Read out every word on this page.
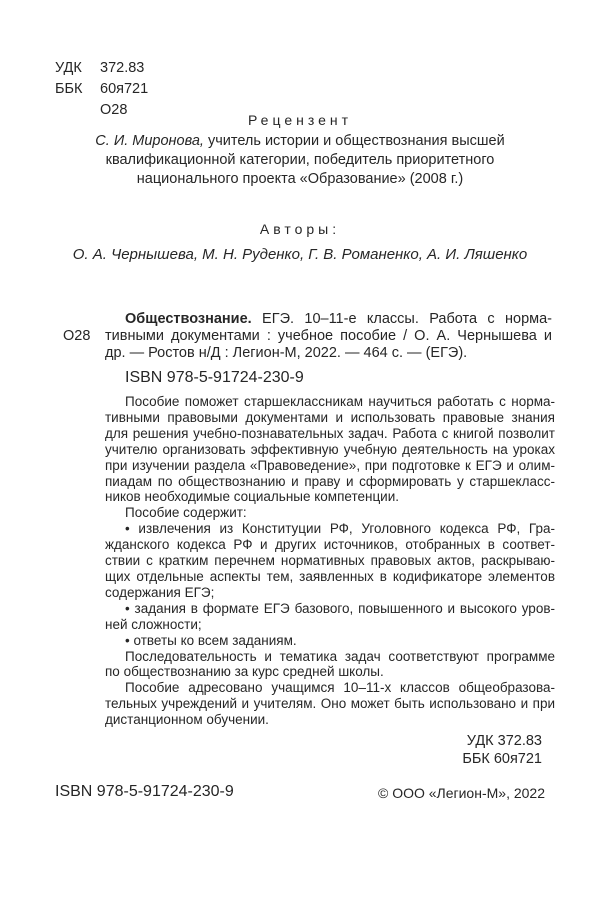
УДК	372.83
ББК	60я721
О28
Рецензент
С. И. Миронова, учитель истории и обществознания высшей
квалификационной категории, победитель приоритетного
национального проекта «Образование» (2008 г.)
Авторы:
О. А. Чернышева, М. Н. Руденко, Г. В. Романенко, А. И. Ляшенко
О28
Обществознание. ЕГЭ. 10–11-е классы. Работа с норма-
тивными документами : учебное пособие / О. А. Чернышева и
др. — Ростов н/Д : Легион-М, 2022. — 464 с. — (ЕГЭ).
ISBN 978-5-91724-230-9
Пособие поможет старшеклассникам научиться работать с норма-
тивными правовыми документами и использовать правовые знания
для решения учебно-познавательных задач. Работа с книгой позволит
учителю организовать эффективную учебную деятельность на уроках
при изучении раздела «Правоведение», при подготовке к ЕГЭ и олим-
пиадам по обществознанию и праву и сформировать у старшекласс-
ников необходимые социальные компетенции.
Пособие содержит:
• извлечения из Конституции РФ, Уголовного кодекса РФ, Гра-
жданского кодекса РФ и других источников, отобранных в соответ-
ствии с кратким перечнем нормативных правовых актов, раскрываю-
щих отдельные аспекты тем, заявленных в кодификаторе элементов
содержания ЕГЭ;
• задания в формате ЕГЭ базового, повышенного и высокого уров-
ней сложности;
• ответы ко всем заданиям.
Последовательность и тематика задач соответствуют программе
по обществознанию за курс средней школы.
Пособие адресовано учащимся 10–11-х классов общеобразова-
тельных учреждений и учителям. Оно может быть использовано и при
дистанционном обучении.
УДК 372.83
ББК 60я721
ISBN 978-5-91724-230-9	© ООО «Легион-М», 2022
